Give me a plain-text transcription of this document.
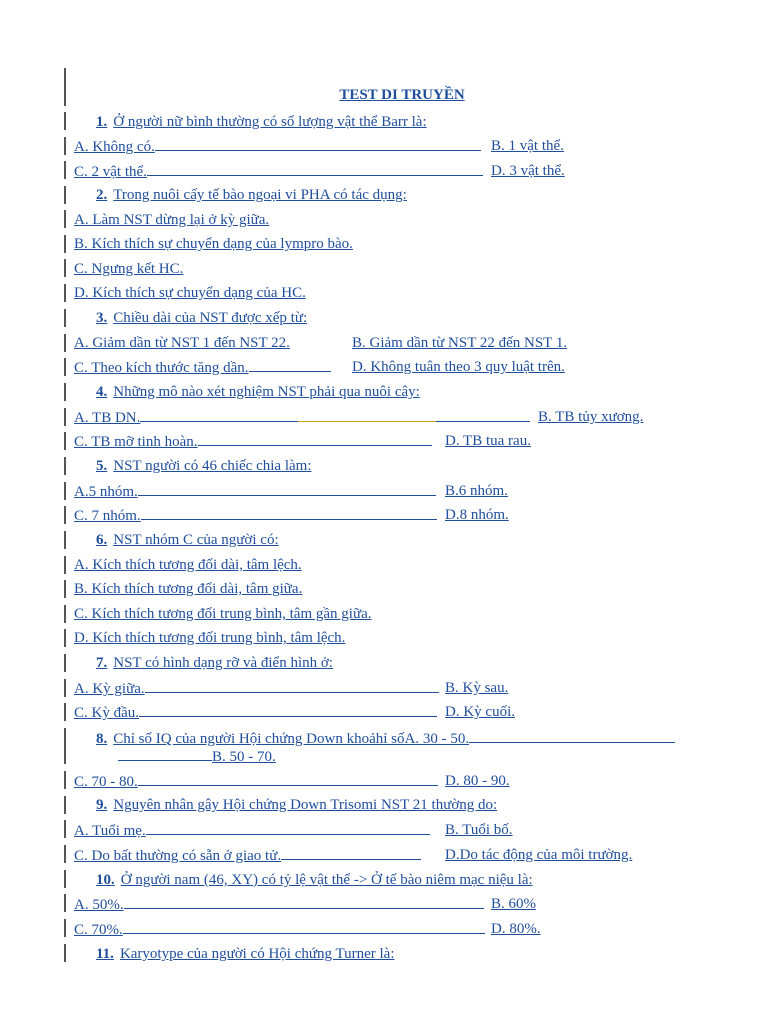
TEST DI TRUYỀN
1. Ở người nữ bình thường có số lượng vật thể Barr là:
A. Không có.	B. 1 vật thể.
C. 2 vật thể.	D. 3 vật thể.
2. Trong nuôi cấy tế bào ngoại vi PHA có tác dụng:
A. Làm NST dừng lại ở kỳ giữa.
B. Kích thích sự chuyển dạng của lympro bào.
C. Ngưng kết HC.
D. Kích thích sự chuyển dạng của HC.
3. Chiều dài của NST được xếp từ:
A. Giảm dần từ NST 1 đến NST 22.	B. Giảm dần từ NST 22 đến NST 1.
C. Theo kích thước tăng dần.	D. Không tuân theo 3 quy luật trên.
4. Những mô nào xét nghiệm NST phải qua nuôi cây:
A. TB DN.	B. TB tủy xương.
C. TB mỡ tinh hoàn.	D. TB tua rau.
5. NST người có 46 chiếc chia làm:
A.5 nhóm.	B.6 nhóm.
C. 7 nhóm.	D.8 nhóm.
6. NST nhóm C của người có:
A. Kích thích tương đối dài, tâm lệch.
B. Kích thích tương đối dài, tâm giữa.
C. Kích thích tương đối trung bình, tâm gần giữa.
D. Kích thích tương đối trung bình, tâm lệch.
7. NST có hình dạng rỡ và điển hình ở:
A. Kỳ giữa.	B. Kỳ sau.
C. Kỳ đầu.	D. Kỳ cuối.
8. Chỉ số IQ của người Hội chứng Down khoảhỉ sốA. 30 - 50.
B. 50 - 70.
C. 70 - 80.	D. 80 - 90.
9. Nguyên nhân gây Hội chứng Down Trisomi NST 21 thường do:
A. Tuổi mẹ.	B. Tuổi bố.
C. Do bất thường có sẵn ở giao tử.	D.Do tác động của môi trường.
10. Ở người nam (46, XY) có tỷ lệ vật thể -> Ở tế bào niêm mạc niệu là:
A. 50%.	B. 60%
C. 70%.	D. 80%.
11. Karyotype của người có Hội chứng Turner là:
